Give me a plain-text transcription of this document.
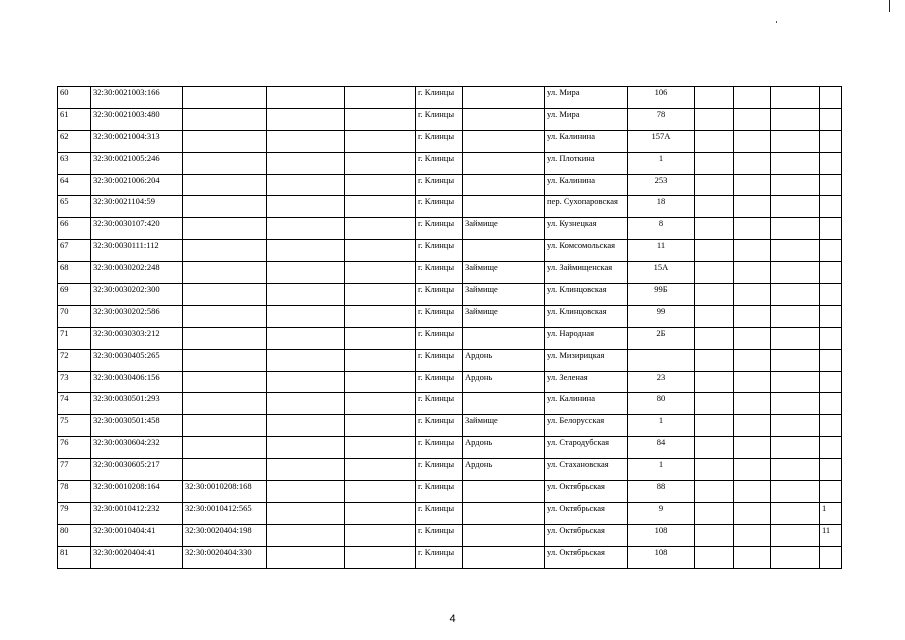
60	32:30:0021003:166				г. Клинцы		ул. Мира	106				
61	32:30:0021003:480				г. Клинцы		ул. Мира	78				
62	32:30:0021004:313				г. Клинцы		ул. Калинина	157А				
63	32:30:0021005:246				г. Клинцы		ул. Плоткина	1				
64	32:30:0021006:204				г. Клинцы		ул. Калинина	253				
65	32:30:0021104:59				г. Клинцы		пер. Сухопаровская	18				
66	32:30:0030107:420				г. Клинцы	Займище	ул. Кузнецкая	8				
67	32:30:0030111:112				г. Клинцы		ул. Комсомольская	11				
68	32:30:0030202:248				г. Клинцы	Займище	ул. Займищенская	15А				
69	32:30:0030202:300				г. Клинцы	Займище	ул. Клинцовская	99Б				
70	32:30:0030202:586				г. Клинцы	Займище	ул. Клинцовская	99				
71	32:30:0030303:212				г. Клинцы		ул. Народная	2Б				
72	32:30:0030405:265				г. Клинцы	Ардонь	ул. Мизирицкая					
73	32:30:0030406:156				г. Клинцы	Ардонь	ул. Зеленая	23				
74	32:30:0030501:293				г. Клинцы		ул. Калинина	80				
75	32:30:0030501:458				г. Клинцы	Займище	ул. Белорусская	1				
76	32:30:0030604:232				г. Клинцы	Ардонь	ул. Стародубская	84				
77	32:30:0030605:217				г. Клинцы	Ардонь	ул. Стахановская	1				
78	32:30:0010208:164	32:30:0010208:168			г. Клинцы		ул. Октябрьская	88				
79	32:30:0010412:232	32:30:0010412:565			г. Клинцы		ул. Октябрьская	9				1
80	32:30:0010404:41	32:30:0020404:198			г. Клинцы		ул. Октябрьская	108				11
81	32:30:0020404:41	32:30:0020404:330			г. Клинцы		ул. Октябрьская	108				
4
